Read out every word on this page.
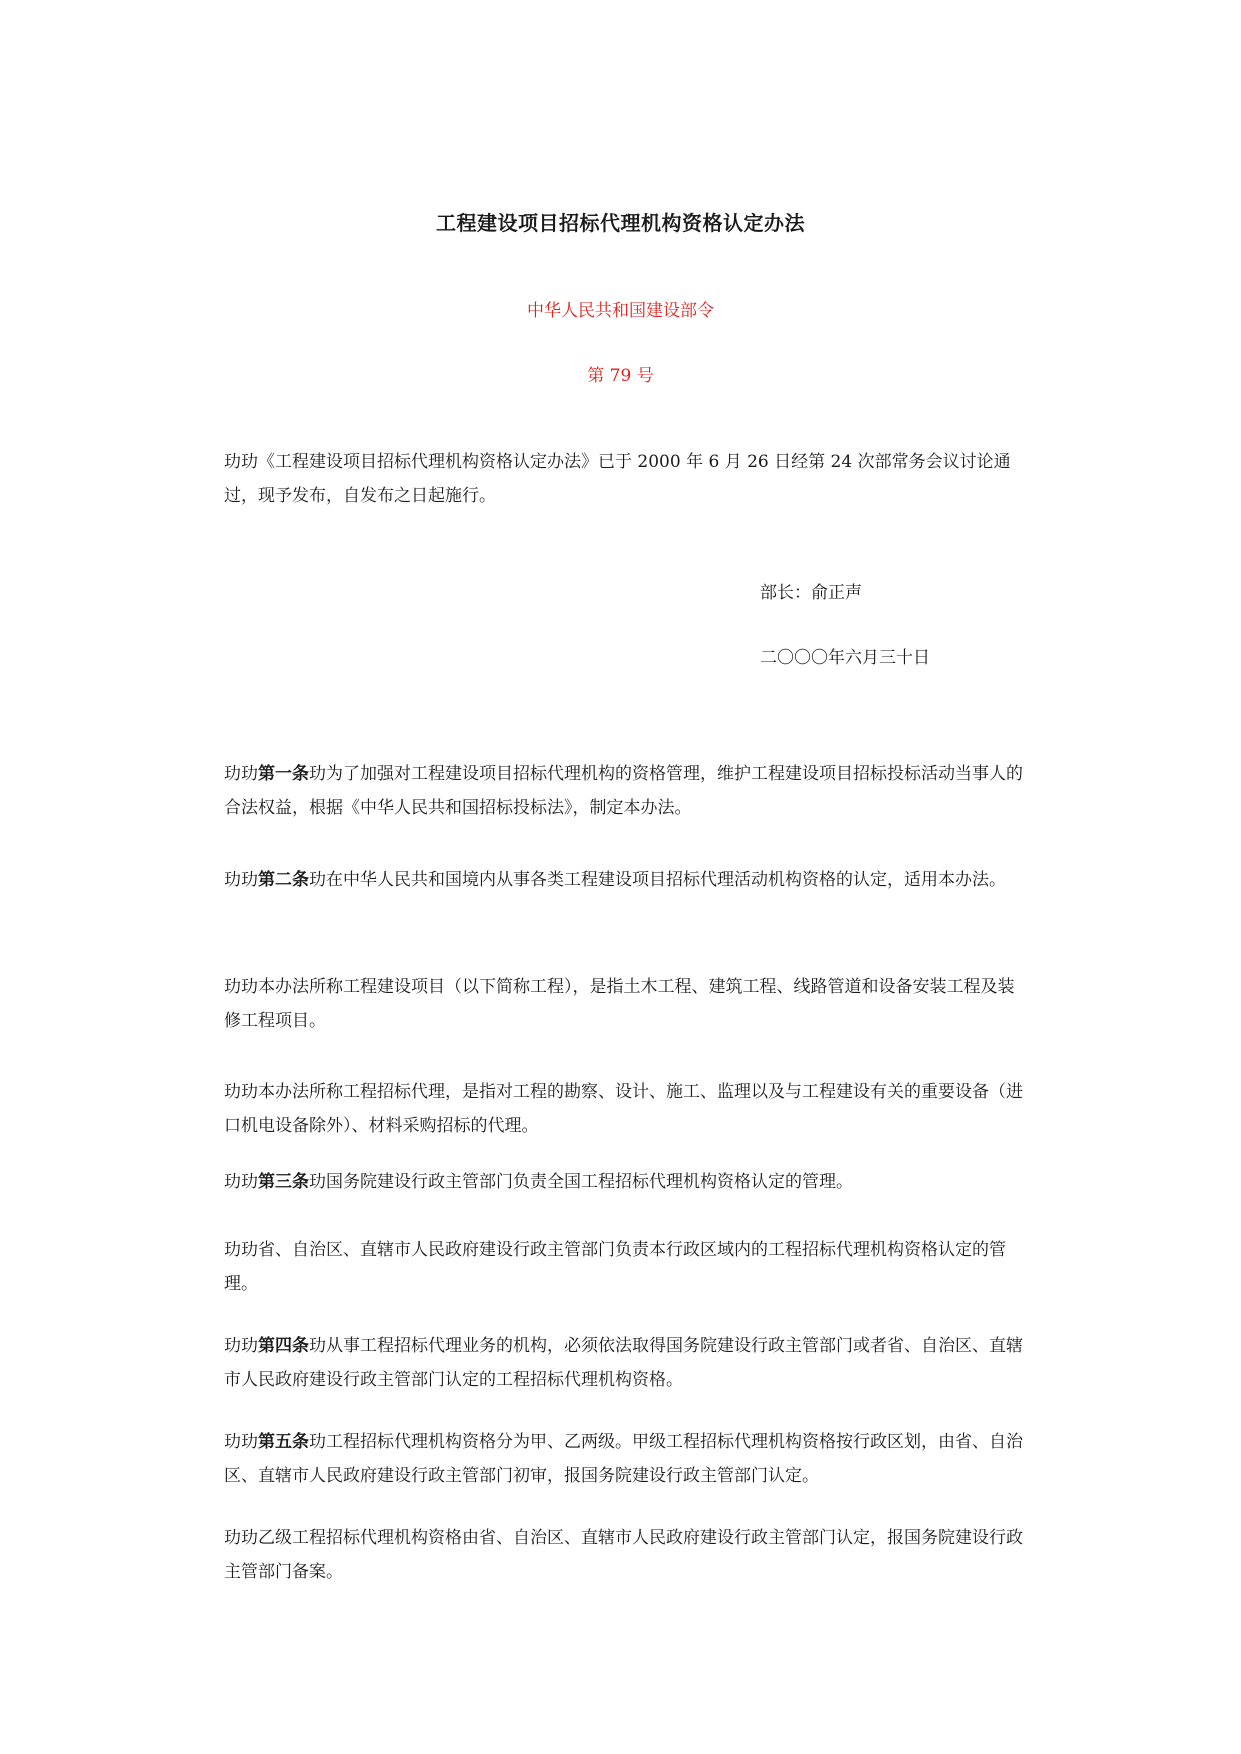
工程建设项目招标代理机构资格认定办法
中华人民共和国建设部令
第 79 号

玏玏《工程建设项目招标代理机构资格认定办法》已于 2000 年 6 月 26 日经第 24 次部常务会议讨论通过，现予发布，自发布之日起施行。

部长：俞正声
二〇〇〇年六月三十日

玏玏第一条玏为了加强对工程建设项目招标代理机构的资格管理，维护工程建设项目招标投标活动当事人的合法权益，根据《中华人民共和国招标投标法》，制定本办法。

玏玏第二条玏在中华人民共和国境内从事各类工程建设项目招标代理活动机构资格的认定，适用本办法。

玏玏本办法所称工程建设项目（以下简称工程），是指土木工程、建筑工程、线路管道和设备安装工程及装修工程项目。

玏玏本办法所称工程招标代理，是指对工程的勘察、设计、施工、监理以及与工程建设有关的重要设备（进口机电设备除外）、材料采购招标的代理。

玏玏第三条玏国务院建设行政主管部门负责全国工程招标代理机构资格认定的管理。

玏玏省、自治区、直辖市人民政府建设行政主管部门负责本行政区域内的工程招标代理机构资格认定的管理。

玏玏第四条玏从事工程招标代理业务的机构，必须依法取得国务院建设行政主管部门或者省、自治区、直辖市人民政府建设行政主管部门认定的工程招标代理机构资格。

玏玏第五条玏工程招标代理机构资格分为甲、乙两级。甲级工程招标代理机构资格按行政区划，由省、自治区、直辖市人民政府建设行政主管部门初审，报国务院建设行政主管部门认定。

玏玏乙级工程招标代理机构资格由省、自治区、直辖市人民政府建设行政主管部门认定，报国务院建设行政主管部门备案。
